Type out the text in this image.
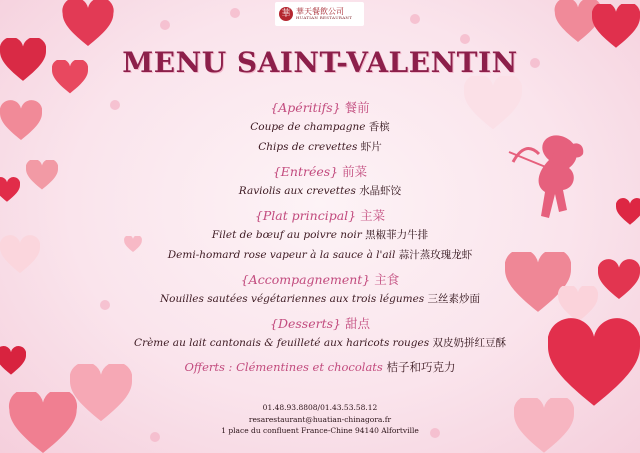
華 華天餐飲公司
HUATIAN RESTAURANT
MENU SAINT-VALENTIN

{Apéritifs} 餐前

Coupe de champagne 香槟

Chips de crevettes 虾片

{Entrées} 前菜

Raviolis aux crevettes 水晶虾饺

{Plat principal} 主菜

Filet de bœuf au poivre noir 黑椒菲力牛排

Demi-homard rose vapeur à la sauce à l'ail 蒜汁蒸玫瑰龙虾

{Accompagnement} 主食

Nouilles sautées végétariennes aux trois légumes 三丝素炒面

{Desserts} 甜点

Crème au lait cantonais & feuilleté aux haricots rouges 双皮奶拼红豆酥

Offerts : Clémentines et chocolats 桔子和巧克力

01.48.93.8808/01.43.53.58.12
resarestaurant@huatian-chinagora.fr
1 place du confluent France-Chine 94140 Alfortville
